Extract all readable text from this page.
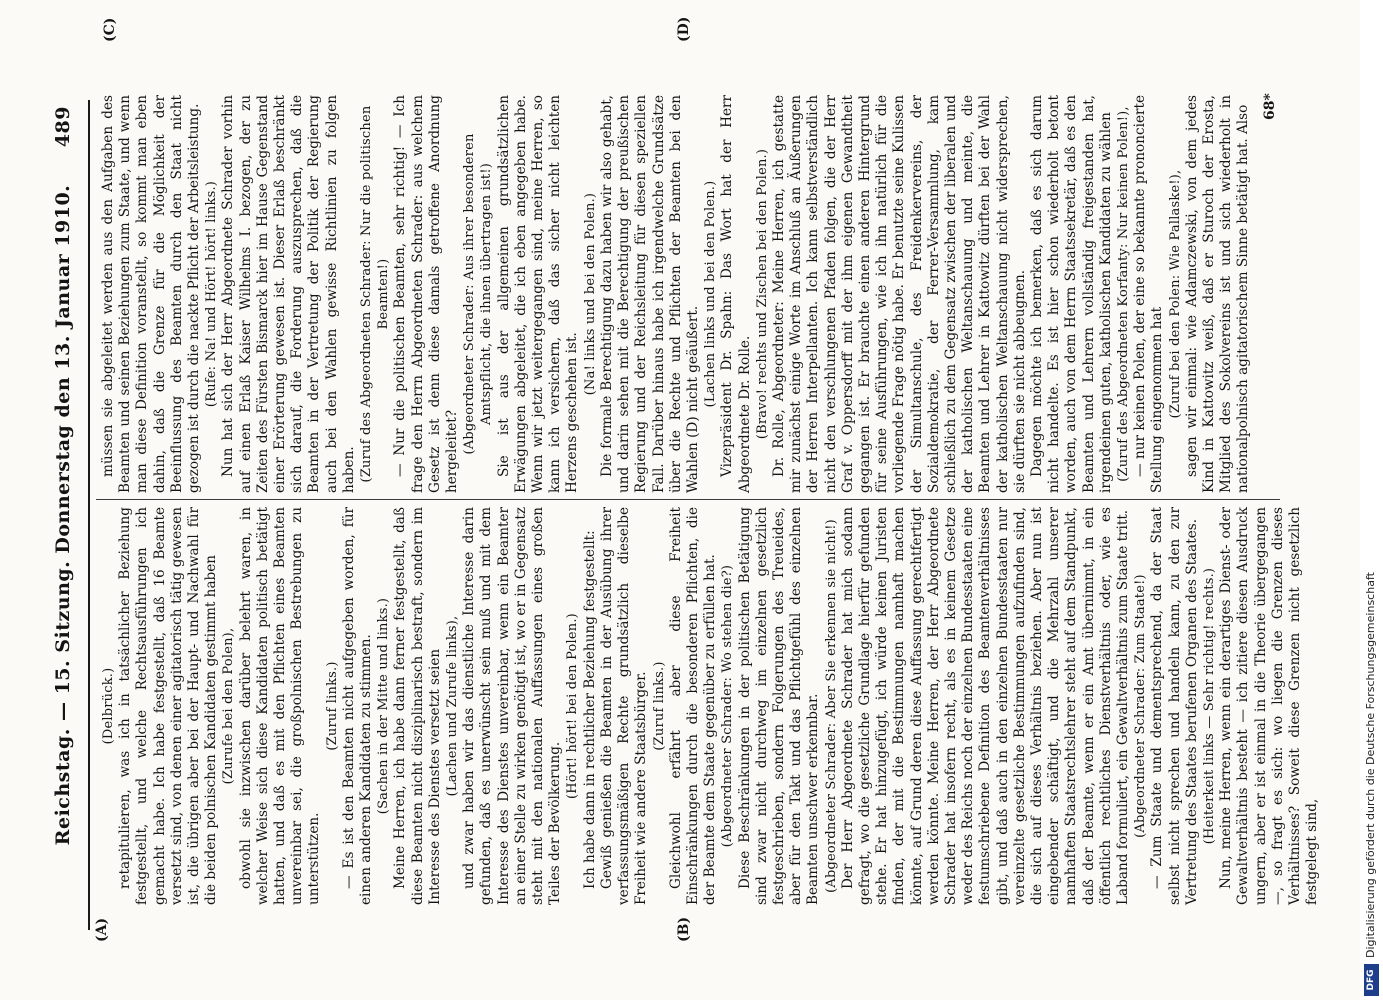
Reichstag. — 15. Sitzung. Donnerstag den 13. Januar 1910.
489
(A)	(B)
(C)	(D)

(Delbrück.) retapitulieren, was ich in tatsächlicher Beziehung festgestellt, und welche Rechtsausführungen ich gemacht habe. Ich habe festgestellt, daß 16 Beamte versetzt sind, von denen einer agitatorisch tätig gewesen ist, die übrigen aber bei der Haupt- und Nachwahl für die beiden polnischen Kandidaten gestimmt haben (Zurufe bei den Polen), obwohl sie inzwischen darüber belehrt waren, in welcher Weise sich diese Kandidaten politisch betätigt hatten, und daß es mit den Pflichten eines Beamten unvereinbar sei, die großpolnischen Bestrebungen zu unterstützen.

(Zuruf links.) — Es ist den Beamten nicht aufgegeben worden, für einen anderen Kandidaten zu stimmen. (Sachen in der Mitte und links.) Meine Herren, ich habe dann ferner festgestellt, daß diese Beamten nicht disziplinarisch bestraft, sondern im Interesse des Dienstes versetzt seien (Lachen und Zurufe links), und zwar haben wir das dienstliche Interesse darin gefunden, daß es unerwünscht sein muß und mit dem Interesse des Dienstes unvereinbar, wenn ein Beamter an einer Stelle zu wirken genötigt ist, wo er in Gegensatz steht mit den nationalen Auffassungen eines großen Teiles der Bevölkerung.

(Hört! hört! bei den Polen.) Ich habe dann in rechtlicher Beziehung festgestellt: Gewiß genießen die Beamten in der Ausübung ihrer verfassungsmäßigen Rechte grundsätzlich dieselbe Freiheit wie andere Staatsbürger. (Zuruf links.) Gleichwohl erfährt aber diese Freiheit Einschränkungen durch die besonderen Pflichten, die der Beamte dem Staate gegenüber zu erfüllen hat. (Abgeordneter Schrader: Wo stehen die?) Diese Beschränkungen in der politischen Betätigung sind zwar nicht durchweg im einzelnen gesetzlich festgeschrieben, sondern Folgerungen des Treueides, aber für den Takt und das Pflichtgefühl des einzelnen Beamten unschwer erkennbar. (Abgeordneter Schrader: Aber Sie erkennen sie nicht!) Der Herr Abgeordnete Schrader hat mich sodann gefragt, wo die gesetzliche Grundlage hierfür gefunden stehe. Er hat hinzugefügt, ich würde keinen Juristen finden, der mit die Bestimmungen namhaft machen könnte, auf Grund deren diese Auffassung gerechtfertigt werden könnte. Meine Herren, der Herr Abgeordnete Schrader hat insofern recht, als es in keinem Gesetze weder des Reichs noch der einzelnen Bundesstaaten eine festumschriebene Definition des Beamtenverhältnisses gibt, und daß auch in den einzelnen Bundesstaaten nur vereinzelte gesetzliche Bestimmungen aufzufinden sind, die sich auf dieses Verhältnis beziehen. Aber nun ist eingebender schäftigt, und die Mehrzahl unserer namhaften Staatsrechtslehrer steht auf dem Standpunkt, daß der Beamte, wenn er ein Amt übernimmt, in ein öffentlich rechtliches Dienstverhältnis oder, wie es Laband formuliert, ein Gewaltverhältnis zum Staate tritt. (Abgeordneter Schrader: Zum Staate!) — Zum Staate und dementsprechend, da der Staat selbst nicht sprechen und handeln kann, zu den zur Vertretung des Staates berufenen Organen des Staates. (Heiterkeit links — Sehr richtig! rechts.) Nun, meine Herren, wenn ein derartiges Dienst- oder Gewaltverhältnis besteht — ich zitiere diesen Ausdruck ungern, aber er ist einmal in die Theorie übergegangen —, so fragt es sich: wo liegen die Grenzen dieses Verhältnisses? Soweit diese Grenzen nicht gesetzlich festgelegt sind,

müssen sie abgeleitet werden aus den Aufgaben des Beamten und seinen Beziehungen zum Staate, und wenn man diese Definition voranstellt, so kommt man eben dahin, daß die Grenze für die Möglichkeit der Beeinflussung des Beamten durch den Staat nicht gezogen ist durch die nackte Pflicht der Arbeitsleistung. (Rufe: Na! und Hört! hört! links.) Nun hat sich der Herr Abgeordnete Schrader vorhin auf einen Erlaß Kaiser Wilhelms I. bezogen, der zu Zeiten des Fürsten Bismarck hier im Hause Gegenstand einer Erörterung gewesen ist. Dieser Erlaß beschränkt sich darauf, die Forderung auszusprechen, daß die Beamten in der Vertretung der Politik der Regierung auch bei den Wahlen gewisse Richtlinien zu folgen haben. (Zuruf des Abgeordneten Schrader: Nur die politischen Beamten!) — Nur die politischen Beamten, sehr richtig! — Ich frage den Herrn Abgeordneten Schrader: aus welchem Gesetz ist denn diese damals getroffene Anordnung hergeleitet? (Abgeordneter Schrader: Aus ihrer besonderen Amtspflicht, die ihnen übertragen ist!) Sie ist aus der allgemeinen grundsätzlichen Erwägungen abgeleitet, die ich eben angegeben habe. Wenn wir jetzt weitergegangen sind, meine Herren, so kann ich versichern, daß das sicher nicht leichten Herzens geschehen ist.

(Na! links und bei den Polen.) Die formale Berechtigung dazu haben wir also gehabt, und darin sehen mit die Berechtigung der preußischen Regierung und der Reichsleitung für diesen speziellen Fall. Darüber hinaus habe ich irgendwelche Grundsätze über die Rechte und Pflichten der Beamten bei den Wahlen (D) nicht geäußert. (Lachen links und bei den Polen.) Vizepräsident Dr. Spahn: Das Wort hat der Herr Abgeordnete Dr. Rolle. (Bravo! rechts und Zischen bei den Polen.) Dr. Rolle, Abgeordneter: Meine Herren, ich gestatte mir zunächst einige Worte im Anschluß an Äußerungen der Herren Interpellanten. Ich kann selbstverständlich nicht den verschlungenen Pfaden folgen, die der Herr Graf v. Oppersdorff mit der ihm eigenen Gewandtheit gegangen ist. Er brauchte einen anderen Hintergrund für seine Ausführungen, wie ich ihn natürlich für die vorliegende Frage nötig habe. Er benutzte seine Kulissen der Simultanschule, des Freidenkervereins, der Sozialdemokratie, der Ferrer-Versammlung, kam schließlich zu dem Gegensatz zwischen der liberalen und der katholischen Weltanschauung und meinte, die Beamten und Lehrer in Kattowitz dürften bei der Wahl der katholischen Weltanschauung nicht widersprechen, sie dürften sie nicht abbeugnen. Dagegen möchte ich bemerken, daß es sich darum nicht handelte. Es ist hier schon wiederholt betont worden, auch von dem Herrn Staatssekretär, daß es den Beamten und Lehrern vollständig freigestanden hat, irgendeinen guten, katholischen Kandidaten zu wählen (Zuruf des Abgeordneten Korfanty: Nur keinen Polen!), — nur keinen Polen, der eine so bekannte prononcierte Stellung eingenommen hat (Zuruf bei den Polen: Wie Pallaske!), sagen wir einmal: wie Adamczewski, von dem jedes Kind in Kattowitz weiß, daß er Sturoch der Erosta, Mitglied des Sokolvereins ist und sich wiederholt in nationalpolnisch agitatorischem Sinne betätigt hat. Also 68*
DFG
Digitalisierung gefördert durch die Deutsche Forschungsgemeinschaft
